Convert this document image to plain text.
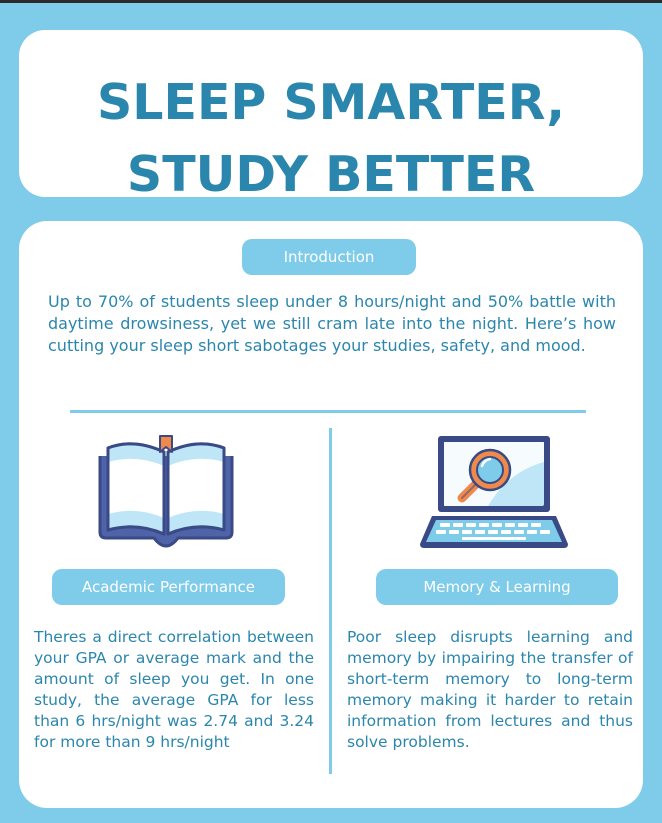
SLEEP SMARTER,
STUDY BETTER
Introduction
Up to 70% of students sleep under 8 hours/night and 50% battle with daytime drowsiness, yet we still cram late into the night. Here’s how cutting your sleep short sabotages your studies, safety, and mood.
Academic Performance	Memory & Learning
Theres a direct correlation between your GPA or average mark and the amount of sleep you get. In one study, the average GPA for less than 6 hrs/night was 2.74 and 3.24 for more than 9 hrs/night
Poor sleep disrupts learning and memory by impairing the transfer of short-term memory to long-term memory making it harder to retain information from lectures and thus solve problems.
